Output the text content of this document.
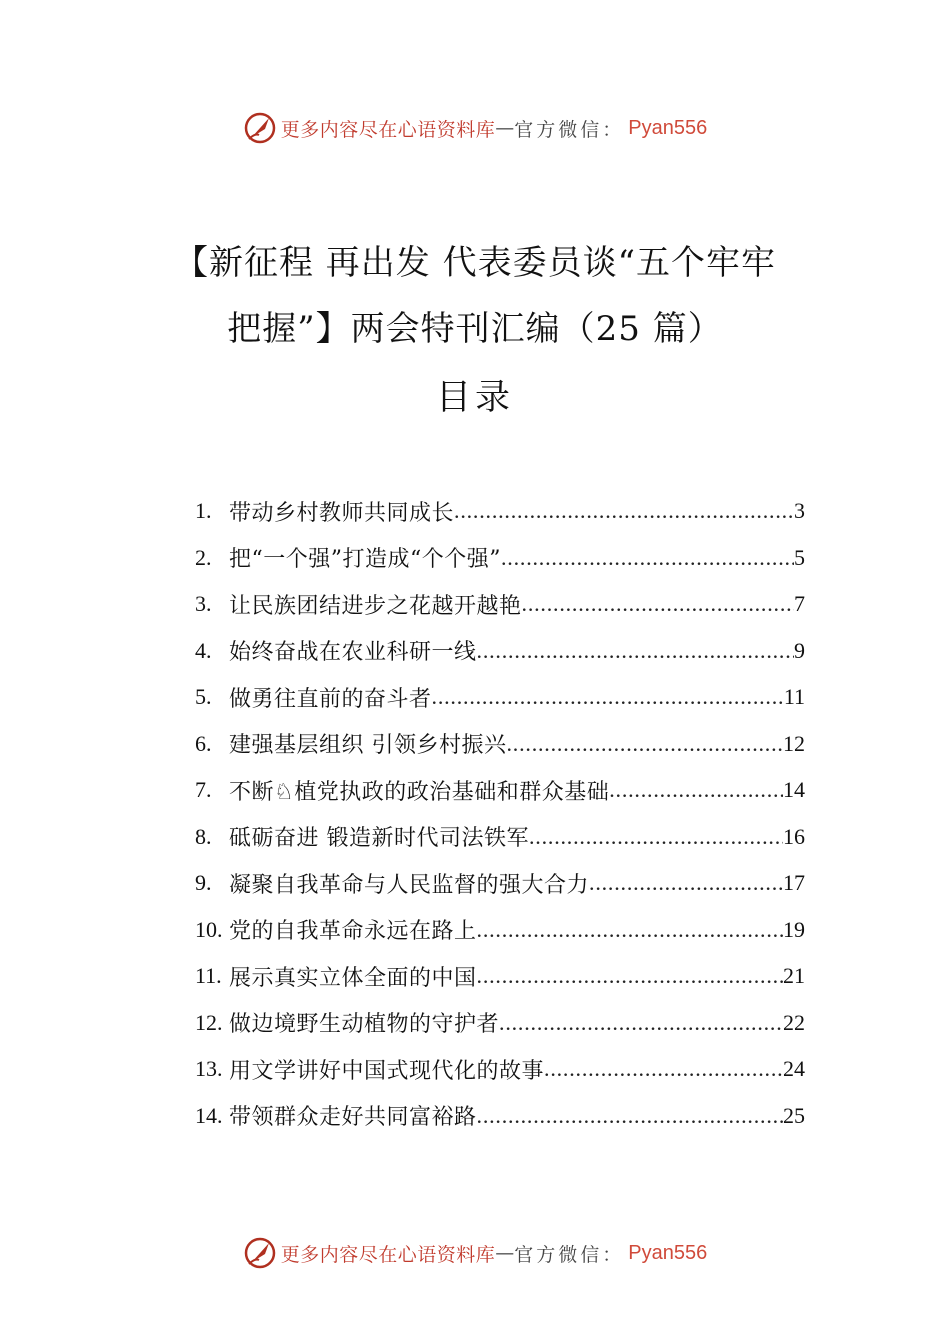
更多内容尽在心语资料库 — 官方微信： Pyan556
【新征程 再出发 代表委员谈“五个牢牢
把握”】两会特刊汇编（25 篇）
目录
1. 带动乡村教师共同成长 .....	3
2. 把“一个强”打造成“个个强” .....	5
3. 让民族团结进步之花越开越艳 .....	7
4. 始终奋战在农业科研一线 .....	9
5. 做勇往直前的奋斗者 .....	11
6. 建强基层组织 引领乡村振兴 .....	12
7. 不断♘植党执政的政治基础和群众基础 .....	14
8. 砥砺奋进 锻造新时代司法铁军 .....	16
9. 凝聚自我革命与人民监督的强大合力 .....	17
10. 党的自我革命永远在路上 .....	19
11. 展示真实立体全面的中国 .....	21
12. 做边境野生动植物的守护者 .....	22
13. 用文学讲好中国式现代化的故事 .....	24
14. 带领群众走好共同富裕路 .....	25
更多内容尽在心语资料库 — 官方微信： Pyan556
